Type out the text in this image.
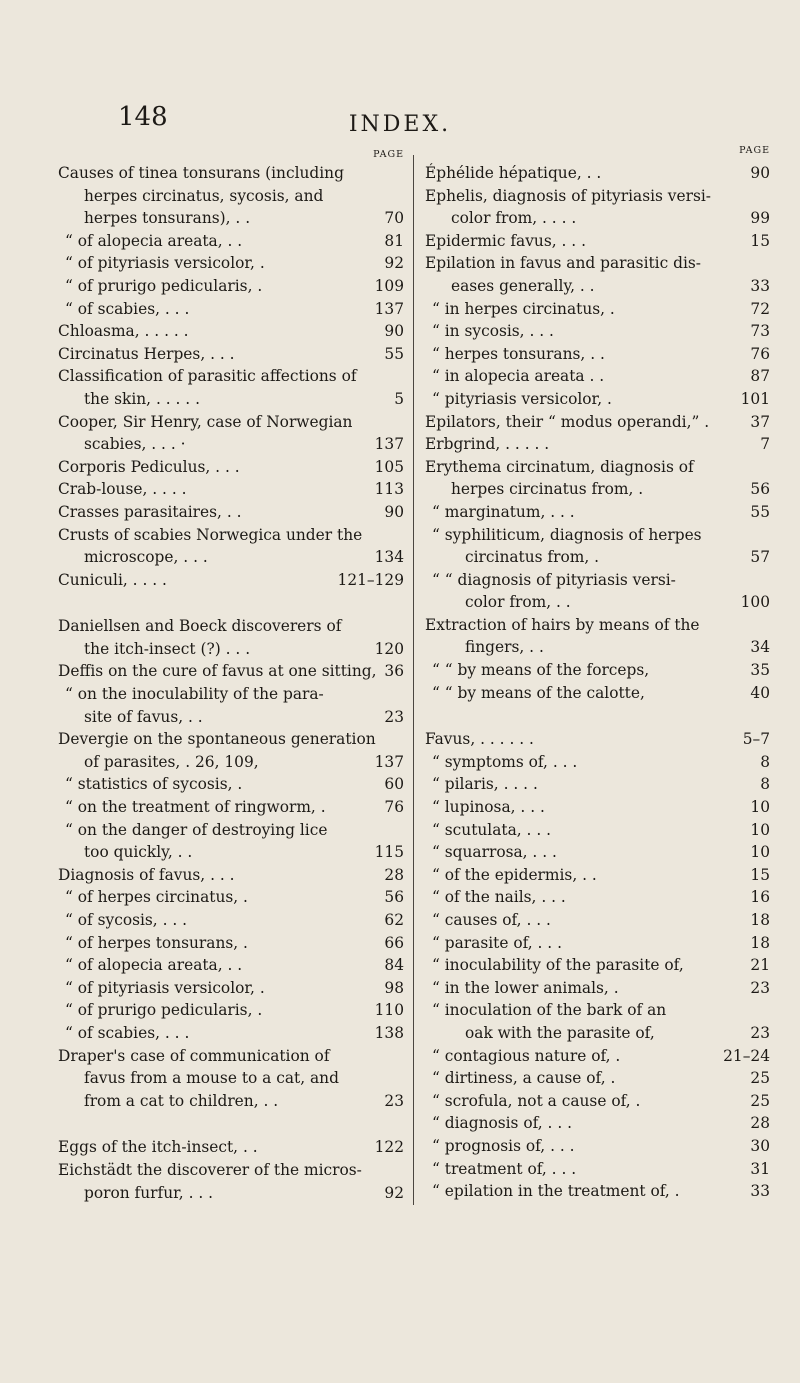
148	INDEX.
PAGE
Causes of tinea tonsurans (including
herpes circinatus, sycosis, and
herpes tonsurans), . .	70
“ of alopecia areata, . .	81
“ of pityriasis versicolor, .	92
“ of prurigo pedicularis, .	109
“ of scabies, . . .	137
Chloasma, . . . . .	90
Circinatus Herpes, . . .	55
Classification of parasitic affections of
the skin, . . . . .	5
Cooper, Sir Henry, case of Norwegian
scabies, . . . ·	137
Corporis Pediculus, . . .	105
Crab-louse, . . . .	113
Crasses parasitaires, . .	90
Crusts of scabies Norwegica under the
microscope, . . .	134
Cuniculi, . . . .	121–129
Daniellsen and Boeck discoverers of
the itch-insect (?) . . .	120
Deffis on the cure of favus at one sitting, 36
“ on the inoculability of the para-
site of favus, . .	23
Devergie on the spontaneous generation
of parasites, . 26, 109,	137
“ statistics of sycosis, .	60
“ on the treatment of ringworm, .	76
“ on the danger of destroying lice
too quickly, . .	115
Diagnosis of favus, . . .	28
“ of herpes circinatus, .	56
“ of sycosis, . . .	62
“ of herpes tonsurans, .	66
“ of alopecia areata, . .	84
“ of pityriasis versicolor, .	98
“ of prurigo pedicularis, .	110
“ of scabies, . . .	138
Draper's case of communication of
favus from a mouse to a cat, and
from a cat to children, . .	23
Eggs of the itch-insect, . .	122
Eichstädt the discoverer of the micros-
poron furfur, . . .	92
PAGE
Éphélide hépatique, . .	90
Ephelis, diagnosis of pityriasis versi-
color from, . . . .	99
Epidermic favus, . . .	15
Epilation in favus and parasitic dis-
eases generally, . .	33
“ in herpes circinatus, .	72
“ in sycosis, . . .	73
“ herpes tonsurans, . .	76
“ in alopecia areata . .	87
“ pityriasis versicolor, .	101
Epilators, their “ modus operandi,” .	37
Erbgrind, . . . . .	7
Erythema circinatum, diagnosis of
herpes circinatus from, .	56
“ marginatum, . . .	55
“ syphiliticum, diagnosis of herpes
circinatus from, .	57
“ “ diagnosis of pityriasis versi-
color from, . .	100
Extraction of hairs by means of the
fingers, . .	34
“ “ by means of the forceps,	35
“ “ by means of the calotte,	40
Favus, . . . . . .	5–7
“ symptoms of, . . .	8
“ pilaris, . . . .	8
“ lupinosa, . . .	10
“ scutulata, . . .	10
“ squarrosa, . . .	10
“ of the epidermis, . .	15
“ of the nails, . . .	16
“ causes of, . . .	18
“ parasite of, . . .	18
“ inoculability of the parasite of,	21
“ in the lower animals, .	23
“ inoculation of the bark of an
oak with the parasite of,	23
“ contagious nature of, .	21–24
“ dirtiness, a cause of, .	25
“ scrofula, not a cause of, .	25
“ diagnosis of, . . .	28
“ prognosis of, . . .	30
“ treatment of, . . .	31
“ epilation in the treatment of, .	33
